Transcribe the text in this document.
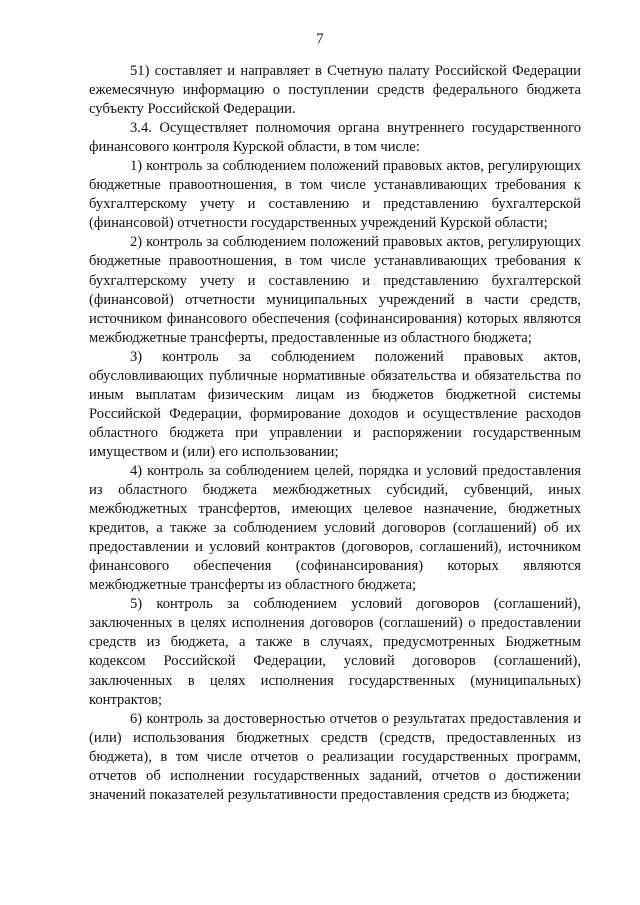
7

51) составляет и направляет в Счетную палату Российской Федерации ежемесячную информацию о поступлении средств федерального бюджета субъекту Российской Федерации.

3.4. Осуществляет полномочия органа внутреннего государственного финансового контроля Курской области, в том числе:

1) контроль за соблюдением положений правовых актов, регулирующих бюджетные правоотношения, в том числе устанавливающих требования к бухгалтерскому учету и составлению и представлению бухгалтерской (финансовой) отчетности государственных учреждений Курской области;

2) контроль за соблюдением положений правовых актов, регулирующих бюджетные правоотношения, в том числе устанавливающих требования к бухгалтерскому учету и составлению и представлению бухгалтерской (финансовой) отчетности муниципальных учреждений в части средств, источником финансового обеспечения (софинансирования) которых являются межбюджетные трансферты, предоставленные из областного бюджета;

3) контроль за соблюдением положений правовых актов, обусловливающих публичные нормативные обязательства и обязательства по иным выплатам физическим лицам из бюджетов бюджетной системы Российской Федерации, формирование доходов и осуществление расходов областного бюджета при управлении и распоряжении государственным имуществом и (или) его использовании;

4) контроль за соблюдением целей, порядка и условий предоставления из областного бюджета межбюджетных субсидий, субвенций, иных межбюджетных трансфертов, имеющих целевое назначение, бюджетных кредитов, а также за соблюдением условий договоров (соглашений) об их предоставлении и условий контрактов (договоров, соглашений), источником финансового обеспечения (софинансирования) которых являются межбюджетные трансферты из областного бюджета;

5) контроль за соблюдением условий договоров (соглашений), заключенных в целях исполнения договоров (соглашений) о предоставлении средств из бюджета, а также в случаях, предусмотренных Бюджетным кодексом Российской Федерации, условий договоров (соглашений), заключенных в целях исполнения государственных (муниципальных) контрактов;

6) контроль за достоверностью отчетов о результатах предоставления и (или) использования бюджетных средств (средств, предоставленных из бюджета), в том числе отчетов о реализации государственных программ, отчетов об исполнении государственных заданий, отчетов о достижении значений показателей результативности предоставления средств из бюджета;
